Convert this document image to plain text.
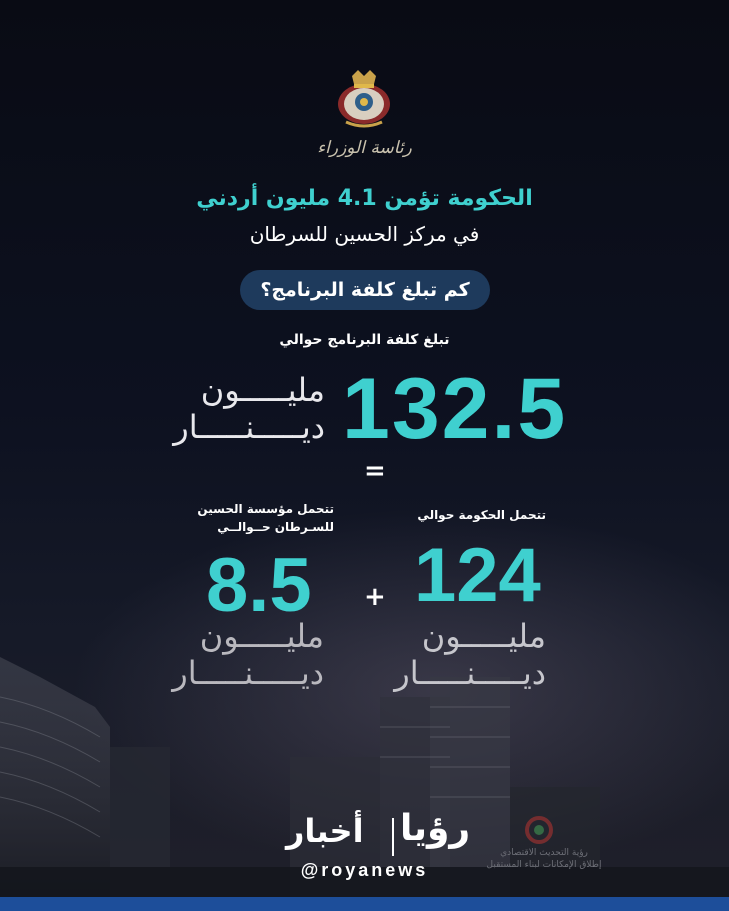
رئاسة الوزراء
الحكومة تؤمن 4.1 مليون أردني
في مركز الحسين للسرطان
كم تبلغ كلفة البرنامج؟
تبلغ كلفة البرنامج حوالي
132.5
مليـــــون
ديـــــنـــــار
=
تتحمل الحكومة حوالي
124
مليـــــون
ديـــــنـــــار
+
تتحمل مؤسسة الحسين
للسـرطان حــوالــي
8.5
مليـــــون
ديـــــنـــــار
رؤية التحديث الاقتصادي
إطلاق الإمكانات لبناء المستقبل
أخبار رؤيا
@royanews
